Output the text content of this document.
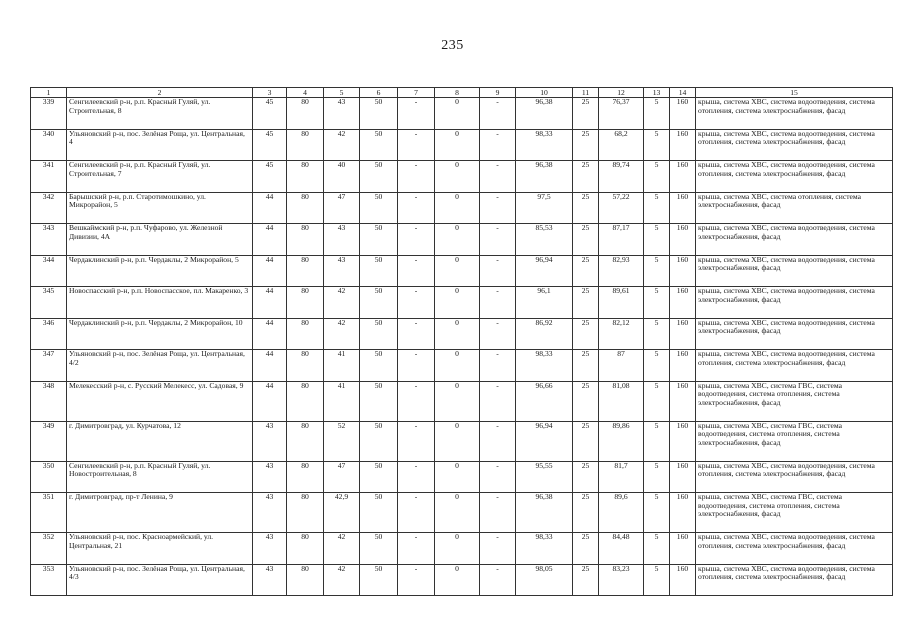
235
1	2	3	4	5	6	7	8	9	10	11	12	13	14	15
339	Сенгилеевский р-н, р.п. Красный Гуляй, ул. Строительная, 8	45	80	43	50	-	0	-	96,38	25	76,37	5	160	крыша, система ХВС, система водоотведения, система отопления, система электроснабжения, фасад
340	Ульяновский р-н, пос. Зелёная Роща, ул. Центральная, 4	45	80	42	50	-	0	-	98,33	25	68,2	5	160	крыша, система ХВС, система водоотведения, система отопления, система электроснабжения, фасад
341	Сенгилеевский р-н, р.п. Красный Гуляй, ул. Строительная, 7	45	80	40	50	-	0	-	96,38	25	89,74	5	160	крыша, система ХВС, система водоотведения, система отопления, система электроснабжения, фасад
342	Барышский р-н, р.п. Старотимошкино, ул. Микрорайон, 5	44	80	47	50	-	0	-	97,5	25	57,22	5	160	крыша, система ХВС, система отопления, система электроснабжения, фасад
343	Вешкаймский р-н, р.п. Чуфарово, ул. Железной Дивизии, 4А	44	80	43	50	-	0	-	85,53	25	87,17	5	160	крыша, система ХВС, система водоотведения, система электроснабжения, фасад
344	Чердаклинский р-н, р.п. Чердаклы, 2 Микрорайон, 5	44	80	43	50	-	0	-	96,94	25	82,93	5	160	крыша, система ХВС, система водоотведения, система электроснабжения, фасад
345	Новоспасский р-н, р.п. Новоспасское, пл. Макаренко, 3	44	80	42	50	-	0	-	96,1	25	89,61	5	160	крыша, система ХВС, система водоотведения, система электроснабжения, фасад
346	Чердаклинский р-н, р.п. Чердаклы, 2 Микрорайон, 10	44	80	42	50	-	0	-	86,92	25	82,12	5	160	крыша, система ХВС, система водоотведения, система электроснабжения, фасад
347	Ульяновский р-н, пос. Зелёная Роща, ул. Центральная, 4/2	44	80	41	50	-	0	-	98,33	25	87	5	160	крыша, система ХВС, система водоотведения, система отопления, система электроснабжения, фасад
348	Мелекесский р-н, с. Русский Мелекесс, ул. Садовая, 9	44	80	41	50	-	0	-	96,66	25	81,08	5	160	крыша, система ХВС, система ГВС, система водоотведения, система отопления, система электроснабжения, фасад
349	г. Димитровград, ул. Курчатова, 12	43	80	52	50	-	0	-	96,94	25	89,86	5	160	крыша, система ХВС, система ГВС, система водоотведения, система отопления, система электроснабжения, фасад
350	Сенгилеевский р-н, р.п. Красный Гуляй, ул. Новостроительная, 8	43	80	47	50	-	0	-	95,55	25	81,7	5	160	крыша, система ХВС, система водоотведения, система отопления, система электроснабжения, фасад
351	г. Димитровград, пр-т Ленина, 9	43	80	42,9	50	-	0	-	96,38	25	89,6	5	160	крыша, система ХВС, система ГВС, система водоотведения, система отопления, система электроснабжения, фасад
352	Ульяновский р-н, пос. Красноармейский, ул. Центральная, 21	43	80	42	50	-	0	-	98,33	25	84,48	5	160	крыша, система ХВС, система водоотведения, система отопления, система электроснабжения, фасад
353	Ульяновский р-н, пос. Зелёная Роща, ул. Центральная, 4/3	43	80	42	50	-	0	-	98,05	25	83,23	5	160	крыша, система ХВС, система водоотведения, система отопления, система электроснабжения, фасад
